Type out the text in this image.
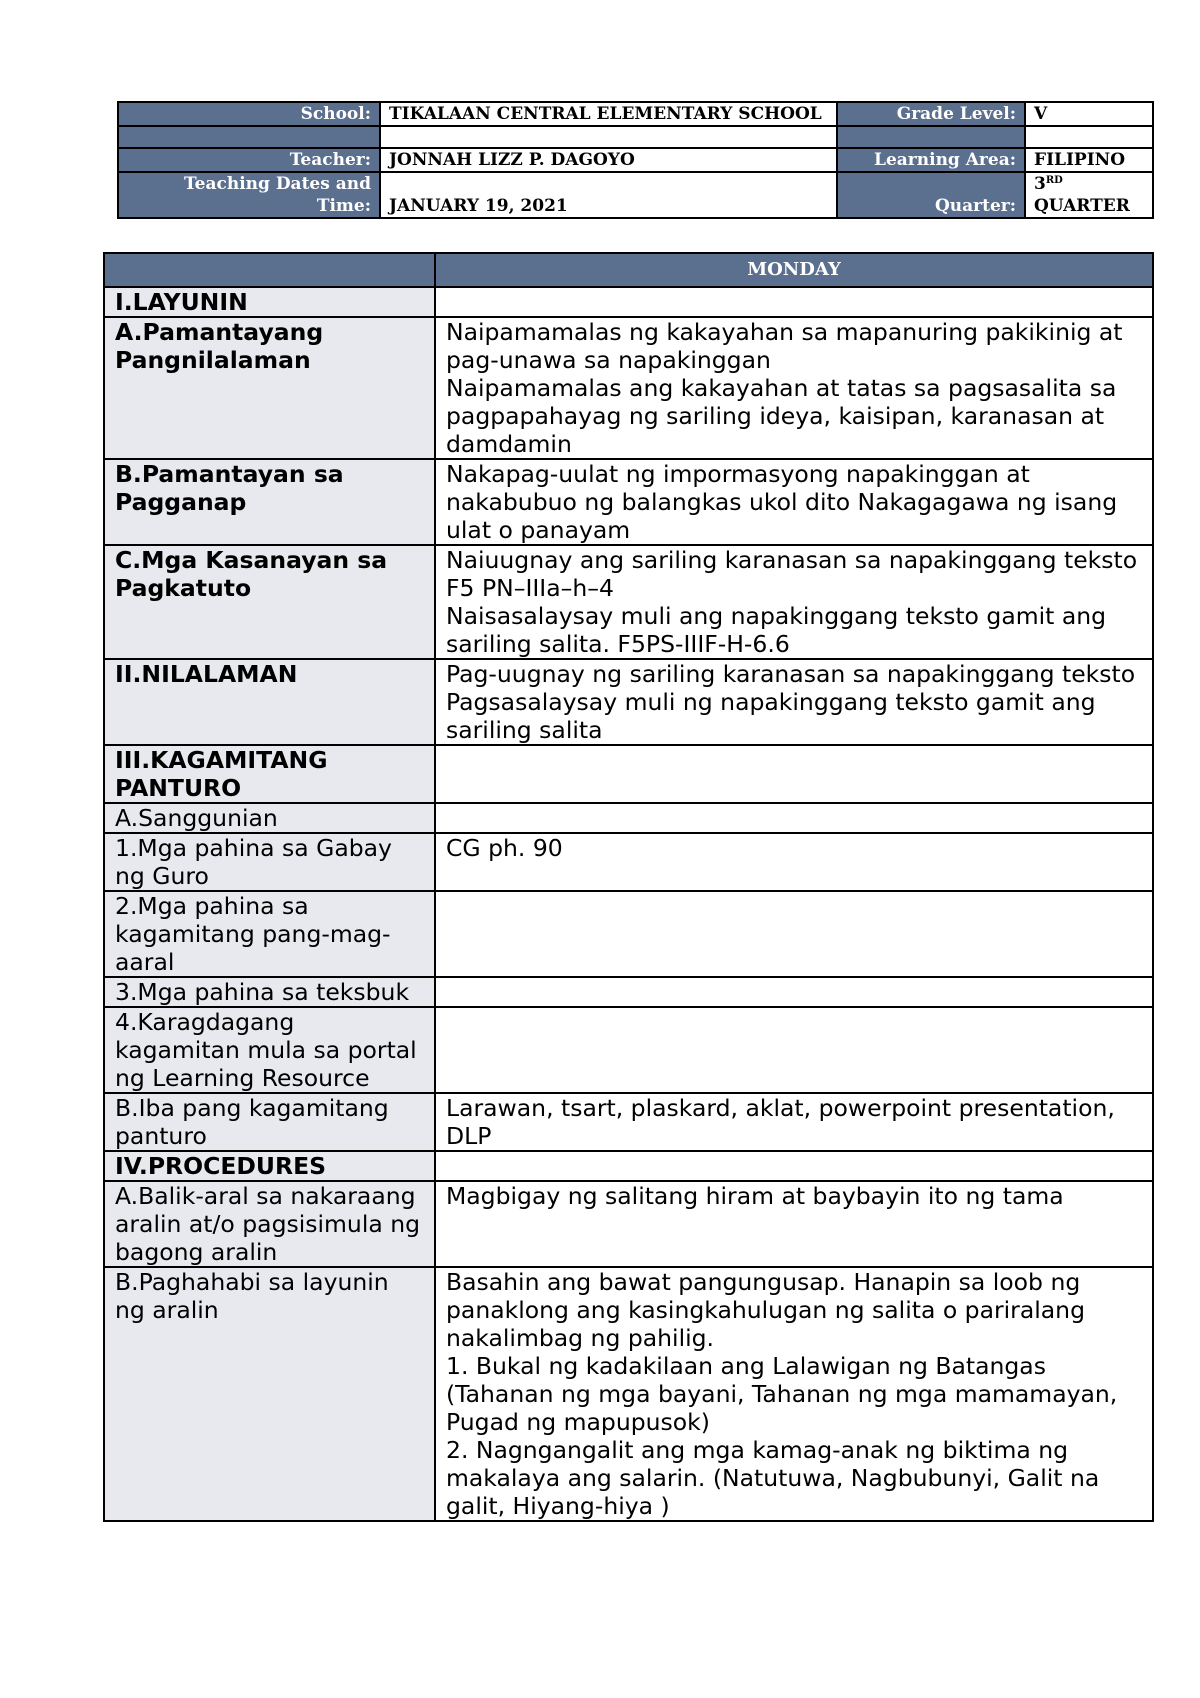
School:	TIKALAAN CENTRAL ELEMENTARY SCHOOL	Grade Level:	V

Teacher:	JONNAH LIZZ P. DAGOYO	Learning Area:	FILIPINO

Teaching Dates and
Time:	JANUARY 19, 2021	Quarter:	3RD
QUARTER
	MONDAY
I.LAYUNIN	
A.Pamantayang Pangnilalaman	Naipamamalas ng kakayahan sa mapanuring pakikinig at pag-unawa sa napakinggan
Naipamamalas ang kakayahan at tatas sa pagsasalita sa pagpapahayag ng sariling ideya, kaisipan, karanasan at damdamin

B.Pamantayan sa Pagganap	Nakapag-uulat ng impormasyong napakinggan at nakabubuo ng balangkas ukol dito Nakagagawa ng isang ulat o panayam

C.Mga Kasanayan sa Pagkatuto	Naiuugnay ang sariling karanasan sa napakinggang teksto
F5 PN–IIIa–h–4
Naisasalaysay muli ang napakinggang teksto gamit ang sariling salita. F5PS-IIIF-H-6.6

II.NILALAMAN	Pag-uugnay ng sariling karanasan sa napakinggang teksto
Pagsasalaysay muli ng napakinggang teksto gamit ang sariling salita

III.KAGAMITANG PANTURO	
A.Sanggunian	
1.Mga pahina sa Gabay ng Guro	CG ph. 90

2.Mga pahina sa kagamitang pang-mag-aaral	
3.Mga pahina sa teksbuk	
4.Karagdagang kagamitan mula sa portal ng Learning Resource	
B.Iba pang kagamitang panturo	Larawan, tsart, plaskard, aklat, powerpoint presentation, DLP

IV.PROCEDURES	
A.Balik-aral sa nakaraang aralin at/o pagsisimula ng bagong aralin	Magbigay ng salitang hiram at baybayin ito ng tama

B.Paghahabi sa layunin ng aralin	Basahin ang bawat pangungusap. Hanapin sa loob ng panaklong ang kasingkahulugan ng salita o pariralang nakalimbag ng pahilig.
1. Bukal ng kadakilaan ang Lalawigan ng Batangas (Tahanan ng mga bayani, Tahanan ng mga mamamayan, Pugad ng mapupusok)
2. Nagngangalit ang mga kamag-anak ng biktima ng makalaya ang salarin. (Natutuwa, Nagbubunyi, Galit na galit, Hiyang-hiya )
